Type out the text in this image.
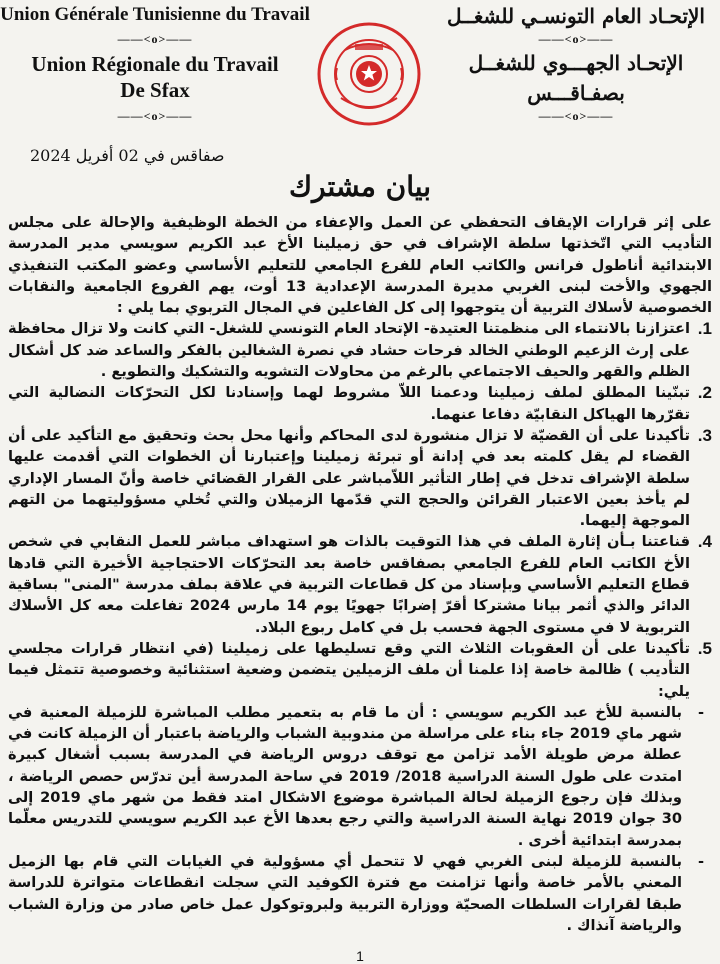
Union Générale Tunisienne du Travail
——<o>——
Union Régionale du Travail
De Sfax
——<o>——
الإتحـاد العام التونسـي للشغــل
——<o>——
الإتحـاد الجهـــوي للشغــل
بصفـاقـــس
——<o>——
صفاقس في 02 أفريل 2024
بيان مشترك

على إثر قرارات الإيقاف التحفظي عن العمل والإعفاء من الخطة الوظيفية والإحالة على مجلس التأديب التي اتّخذتها سلطة الإشراف في حق زميلينا الأخ عبد الكريم سويسي مدير المدرسة الابتدائية أناطول فرانس والكاتب العام للفرع الجامعي للتعليم الأساسي وعضو المكتب التنفيذي الجهوي والأخت لبنى الغربي مديرة المدرسة الإعدادية 13 أوت، يهم الفروع الجامعية والنقابات الخصوصية لأسلاك التربية أن يتوجهوا إلى كل الفاعلين في المجال التربوي بما يلي :

1.
اعتزازنا بالانتماء الى منظمتنا العتيدة- الإتحاد العام التونسي للشغل- التي كانت ولا تزال محافظة على إرث الزعيم الوطني الخالد فرحات حشاد في نصرة الشغالين بالفكر والساعد ضد كل أشكال الظلم والقهر والحيف الاجتماعي بالرغم من محاولات التشويه والتشكيك والتطويع .
2.
تبنّينا المطلق لملف زميلينا ودعمنا اللاّ مشروط لهما وإسنادنا لكل التحرّكات النضالية التي تقرّرها الهياكل النقابيّة دفاعا عنهما.
3.
تأكيدنا على أن القضيّة لا تزال منشورة لدى المحاكم وأنها محل بحث وتحقيق مع التأكيد على أن القضاء لم يقل كلمته بعد في إدانة أو تبرئة زميلينا وإعتبارنا أن الخطوات التي أقدمت عليها سلطة الإشراف تدخل في إطار التأثير اللاّمباشر على القرار القضائي خاصة وأنّ المسار الإداري لم يأخذ بعين الاعتبار القرائن والحجج التي قدّمها الزميلان والتي تُخلي مسؤوليتهما من التهم الموجهة إليهما.
4.
قناعتنا بـأن إثارة الملف في هذا التوقيت بالذات هو استهداف مباشر للعمل النقابي في شخص الأخ الكاتب العام للفرع الجامعي بصفاقس خاصة بعد التحرّكات الاحتجاجية الأخيرة التي قادها قطاع التعليم الأساسي وبإسناد من كل قطاعات التربية في علاقة بملف مدرسة "المنى" بساقية الدائر والذي أثمر بيانا مشتركا أقرّ إضرابًا جهويًا يوم 14 مارس 2024 تفاعلت معه كل الأسلاك التربوية لا في مستوى الجهة فحسب بل في كامل ربوع البلاد.
5.
تأكيدنا على أن العقوبات الثلاث التي وقع تسليطها على زميلينا (في انتظار قرارات مجلسي التأديب ) ظالمة خاصة إذا علمنا أن ملف الزميلين يتضمن وضعية استثنائية وخصوصية تتمثل فيما يلي:
-
بالنسبة للأخ عبد الكريم سويسي : أن ما قام به بتعمير مطلب المباشرة للزميلة المعنية في شهر ماي 2019 جاء بناء على مراسلة من مندوبية الشباب والرياضة باعتبار أن الزميلة كانت في عطلة مرض طويلة الأمد تزامن مع توقف دروس الرياضة في المدرسة بسبب أشغال كبيرة امتدت على طول السنة الدراسية 2018/ 2019 في ساحة المدرسة أين تدرّس حصص الرياضة ، وبذلك فإن رجوع الزميلة لحالة المباشرة موضوع الاشكال امتد فقط من شهر ماي 2019 إلى 30 جوان 2019 نهاية السنة الدراسية والتي رجع بعدها الأخ عبد الكريم سويسي للتدريس معلّما بمدرسة ابتدائية أخرى .
-
بالنسبة للزميلة لبنى الغربي فهي لا تتحمل أي مسؤولية في الغيابات التي قام بها الزميل المعني بالأمر خاصة وأنها تزامنت مع فترة الكوفيد التي سجلت انقطاعات متواترة للدراسة طبقا لقرارات السلطات الصحيّة ووزارة التربية ولبروتوكول عمل خاص صادر من وزارة الشباب والرياضة آنذاك .
1
